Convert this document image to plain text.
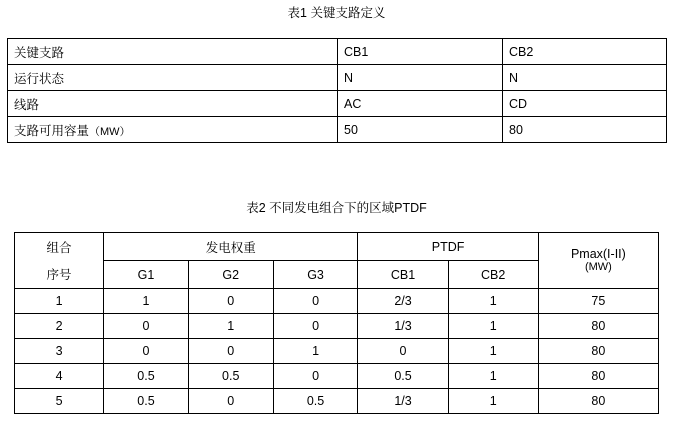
表1 关键支路定义
关键支路	CB1	CB2
运行状态	N	N
线路	AC	CD
支路可用容量（MW）	50	80
表2 不同发电组合下的区域PTDF
组合	发电权重			PTDF		Pmax(I-II)
(MW)

序号	G1	G2	G3	CB1	CB2	
1	1	0	0	2/3	1	75
2	0	1	0	1/3	1	80
3	0	0	1	0	1	80
4	0.5	0.5	0	0.5	1	80
5	0.5	0	0.5	1/3	1	80
